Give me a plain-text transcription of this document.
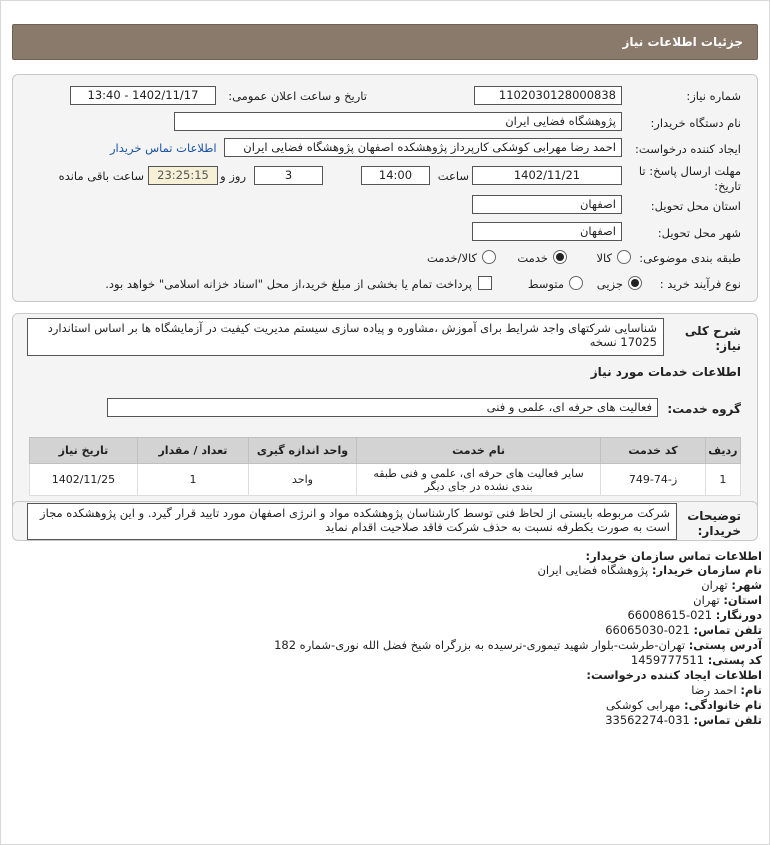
جزئیات اطلاعات نیاز
شماره نیاز:
1102030128000838
تاریخ و ساعت اعلان عمومی:
1402/11/17 - 13:40
نام دستگاه خریدار:
پژوهشگاه فضایی ایران
ایجاد کننده درخواست:
احمد رضا مهرابی کوشکی کارپرداز پژوهشکده اصفهان پژوهشگاه فضایی ایران
اطلاعات تماس خریدار
مهلت ارسال پاسخ: تا
تاریخ:
1402/11/21
ساعت
14:00
3
روز و
23:25:15
ساعت باقی مانده
استان محل تحویل:
اصفهان
شهر محل تحویل:
اصفهان
طبقه بندی موضوعی:
کالا
خدمت
کالا/خدمت
نوع فرآیند خرید :
جزیی
متوسط
پرداخت تمام یا بخشی از مبلغ خرید،از محل "اسناد خزانه اسلامی" خواهد بود.
شرح کلی
نیاز:
شناسایی شرکتهای واجد شرایط برای آموزش ،مشاوره و پیاده سازی سیستم مدیریت کیفیت در آزمایشگاه ها بر اساس استاندارد 17025 نسخه
اطلاعات خدمات مورد نیاز
گروه خدمت:
فعالیت های حرفه ای، علمی و فنی
ردیف	کد خدمت	نام خدمت	واحد اندازه گیری	تعداد / مقدار	تاریخ نیاز
1	ز-74-749	سایر فعالیت های حرفه ای، علمی و فنی طبقه بندی نشده در جای دیگر	واحد	1	1402/11/25
توضیحات
خریدار:
شرکت مربوطه بایستی از لحاظ فنی توسط کارشناسان پژوهشکده مواد و انرژی اصفهان مورد تایید قرار گیرد. و این پژوهشکده مجاز است به صورت یکطرفه نسبت به حذف شرکت فاقد صلاحیت اقدام نماید
اطلاعات تماس سازمان خریدار:
نام سازمان خریدار: پژوهشگاه فضایی ایران
شهر: تهران
استان: تهران
دورنگار: 021-66008615
تلفن تماس: 021-66065030
آدرس پستی: تهران-طرشت-بلوار شهید تیموری-نرسیده به بزرگراه شیخ فضل الله نوری-شماره 182
کد پستی: 1459777511
اطلاعات ایجاد کننده درخواست:
نام: احمد رضا
نام خانوادگی: مهرابی کوشکی
تلفن تماس: 031-33562274
